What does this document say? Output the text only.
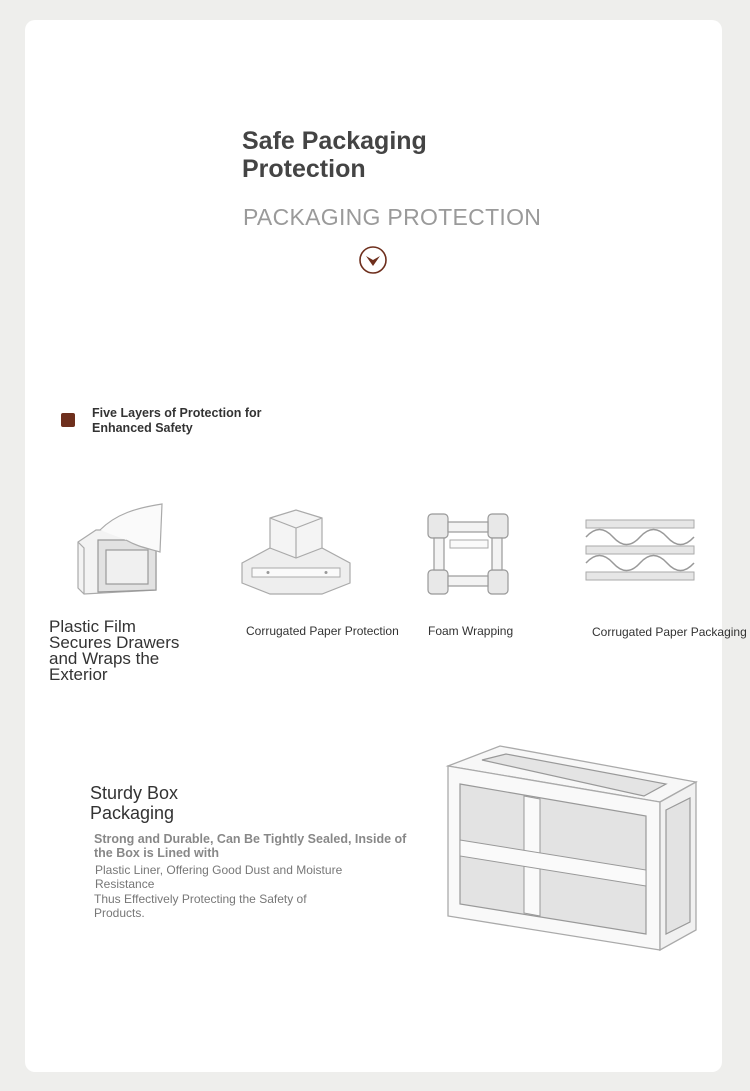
Safe Packaging Protection
PACKAGING PROTECTION
Five Layers of Protection for Enhanced Safety
Plastic Film Secures Drawers and Wraps the Exterior
Corrugated Paper Protection Foam Wrapping	Corrugated Paper Packaging
Sturdy Box Packaging
Strong and Durable, Can Be Tightly Sealed, Inside of the Box is Lined with
Plastic Liner, Offering Good Dust and Moisture Resistance
Thus Effectively Protecting the Safety of Products.
